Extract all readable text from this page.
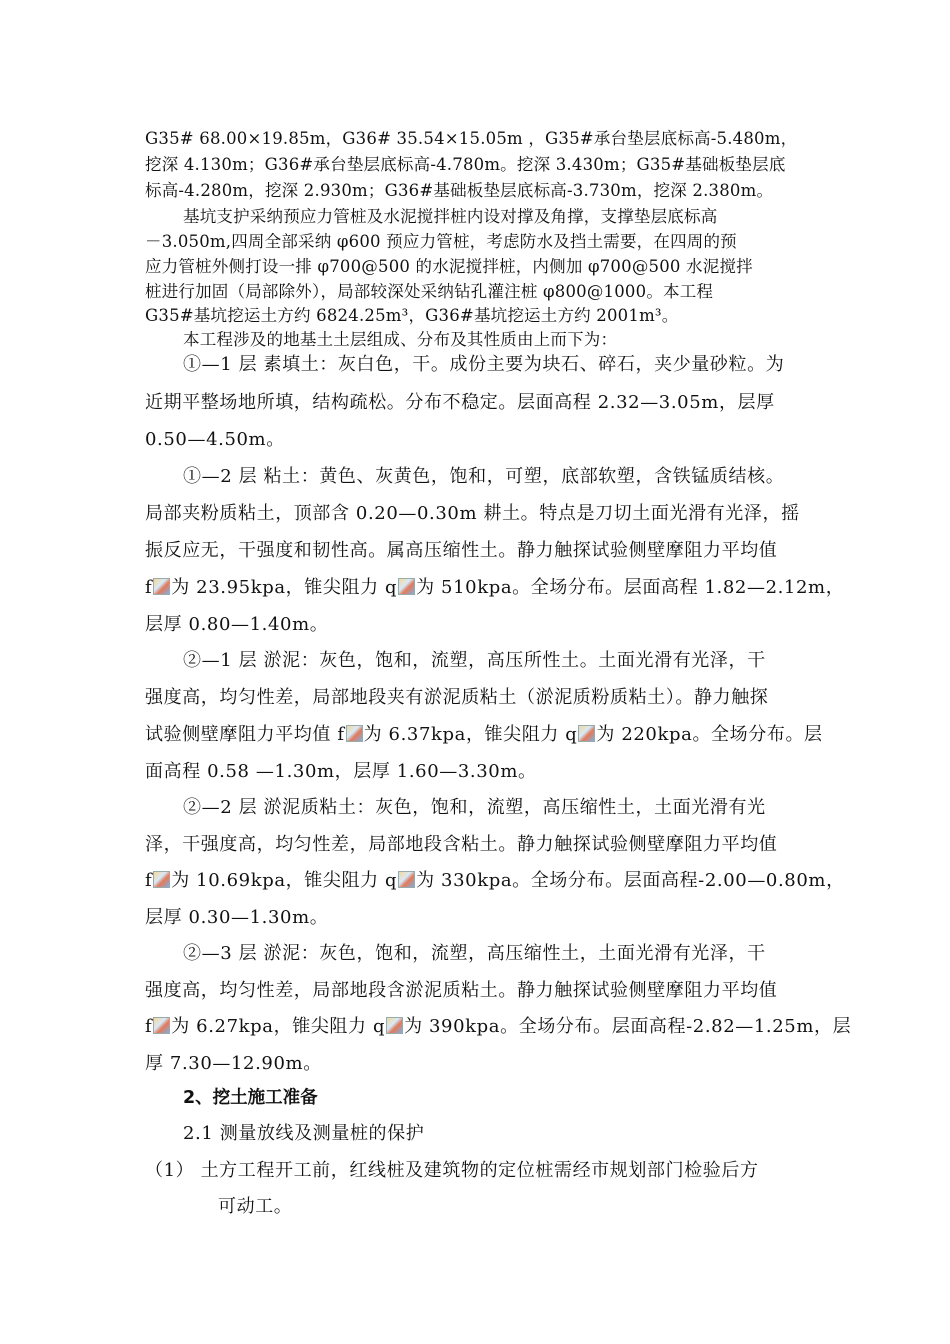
G35# 68.00×19.85m，G36# 35.54×15.05m ，G35#承台垫层底标高-5.480m，
挖深 4.130m；G36#承台垫层底标高-4.780m。挖深 3.430m；G35#基础板垫层底
标高-4.280m，挖深 2.930m；G36#基础板垫层底标高-3.730m，挖深 2.380m。
基坑支护采纳预应力管桩及水泥搅拌桩内设对撑及角撑，支撑垫层底标高
－3.050m,四周全部采纳 φ600 预应力管桩，考虑防水及挡土需要，在四周的预
应力管桩外侧打设一排 φ700@500 的水泥搅拌桩，内侧加 φ700@500 水泥搅拌
桩进行加固（局部除外），局部较深处采纳钻孔灌注桩 φ800@1000。本工程
G35#基坑挖运土方约 6824.25m³，G36#基坑挖运土方约 2001m³。
本工程涉及的地基土土层组成、分布及其性质由上而下为：
①—1 层 素填土：灰白色，干。成份主要为块石、碎石，夹少量砂粒。为
近期平整场地所填，结构疏松。分布不稳定。层面高程 2.32—3.05m，层厚
0.50—4.50m。
①—2 层 粘土：黄色、灰黄色，饱和，可塑，底部软塑，含铁锰质结核。
局部夹粉质粘土，顶部含 0.20—0.30m 耕土。特点是刀切土面光滑有光泽，摇
振反应无，干强度和韧性高。属高压缩性土。静力触探试验侧壁摩阻力平均值
f 为 23.95kpa，锥尖阻力 q 为 510kpa。全场分布。层面高程 1.82—2.12m，
层厚 0.80—1.40m。
②—1 层 淤泥：灰色，饱和，流塑，高压所性土。土面光滑有光泽，干
强度高，均匀性差，局部地段夹有淤泥质粘土（淤泥质粉质粘土）。静力触探
试验侧壁摩阻力平均值 f 为 6.37kpa，锥尖阻力 q 为 220kpa。全场分布。层
面高程 0.58 —1.30m，层厚 1.60—3.30m。
②—2 层 淤泥质粘土：灰色，饱和，流塑，高压缩性土，土面光滑有光
泽，干强度高，均匀性差，局部地段含粘土。静力触探试验侧壁摩阻力平均值
f 为 10.69kpa，锥尖阻力 q 为 330kpa。全场分布。层面高程-2.00—0.80m，
层厚 0.30—1.30m。
②—3 层 淤泥：灰色，饱和，流塑，高压缩性土，土面光滑有光泽，干
强度高，均匀性差，局部地段含淤泥质粘土。静力触探试验侧壁摩阻力平均值
f 为 6.27kpa，锥尖阻力 q 为 390kpa。全场分布。层面高程-2.82—1.25m，层
厚 7.30—12.90m。
2、挖土施工准备
2.1 测量放线及测量桩的保护
（1） 土方工程开工前，红线桩及建筑物的定位桩需经市规划部门检验后方
可动工。
